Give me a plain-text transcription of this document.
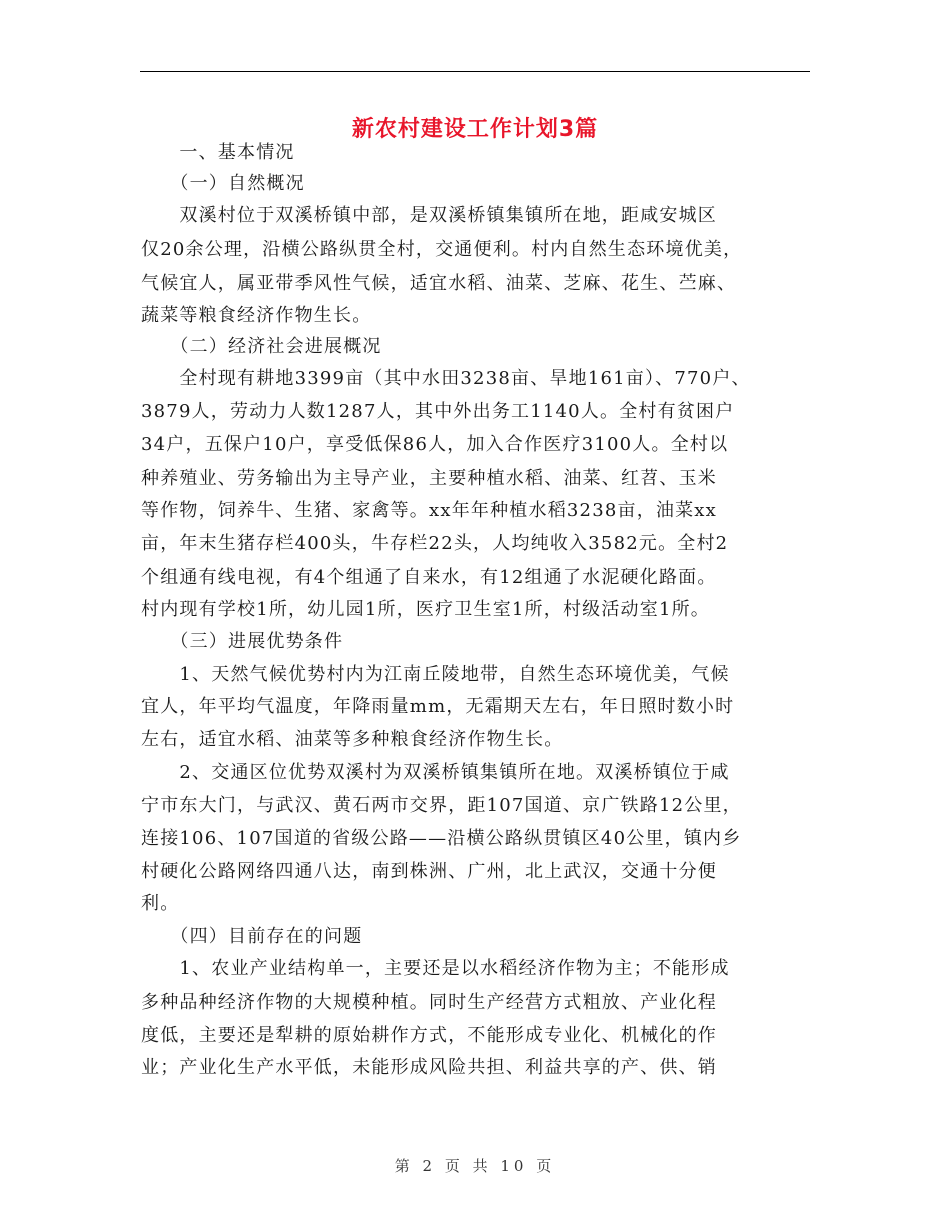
新农村建设工作计划3篇
　　一、基本情况
　　（一）自然概况
　　双溪村位于双溪桥镇中部，是双溪桥镇集镇所在地，距咸安城区
仅20余公理，沿横公路纵贯全村，交通便利。村内自然生态环境优美，
气候宜人，属亚带季风性气候，适宜水稻、油菜、芝麻、花生、苎麻、
蔬菜等粮食经济作物生长。
　　（二）经济社会进展概况
　　全村现有耕地3399亩（其中水田3238亩、旱地161亩）、770户、
3879人，劳动力人数1287人，其中外出务工1140人。全村有贫困户
34户，五保户10户，享受低保86人，加入合作医疗3100人。全村以
种养殖业、劳务输出为主导产业，主要种植水稻、油菜、红苕、玉米
等作物，饲养牛、生猪、家禽等。xx年年种植水稻3238亩，油菜xx
亩，年末生猪存栏400头，牛存栏22头，人均纯收入3582元。全村2
个组通有线电视，有4个组通了自来水，有12组通了水泥硬化路面。
村内现有学校1所，幼儿园1所，医疗卫生室1所，村级活动室1所。
　　（三）进展优势条件
　　1、天然气候优势村内为江南丘陵地带，自然生态环境优美，气候
宜人，年平均气温度，年降雨量mm，无霜期天左右，年日照时数小时
左右，适宜水稻、油菜等多种粮食经济作物生长。
　　2、交通区位优势双溪村为双溪桥镇集镇所在地。双溪桥镇位于咸
宁市东大门，与武汉、黄石两市交界，距107国道、京广铁路12公里，
连接106、107国道的省级公路——沿横公路纵贯镇区40公里，镇内乡
村硬化公路网络四通八达，南到株洲、广州，北上武汉，交通十分便
利。
　　（四）目前存在的问题
　　1、农业产业结构单一，主要还是以水稻经济作物为主；不能形成
多种品种经济作物的大规模种植。同时生产经营方式粗放、产业化程
度低，主要还是犁耕的原始耕作方式，不能形成专业化、机械化的作
业；产业化生产水平低，未能形成风险共担、利益共享的产、供、销
第 2 页 共 10 页
